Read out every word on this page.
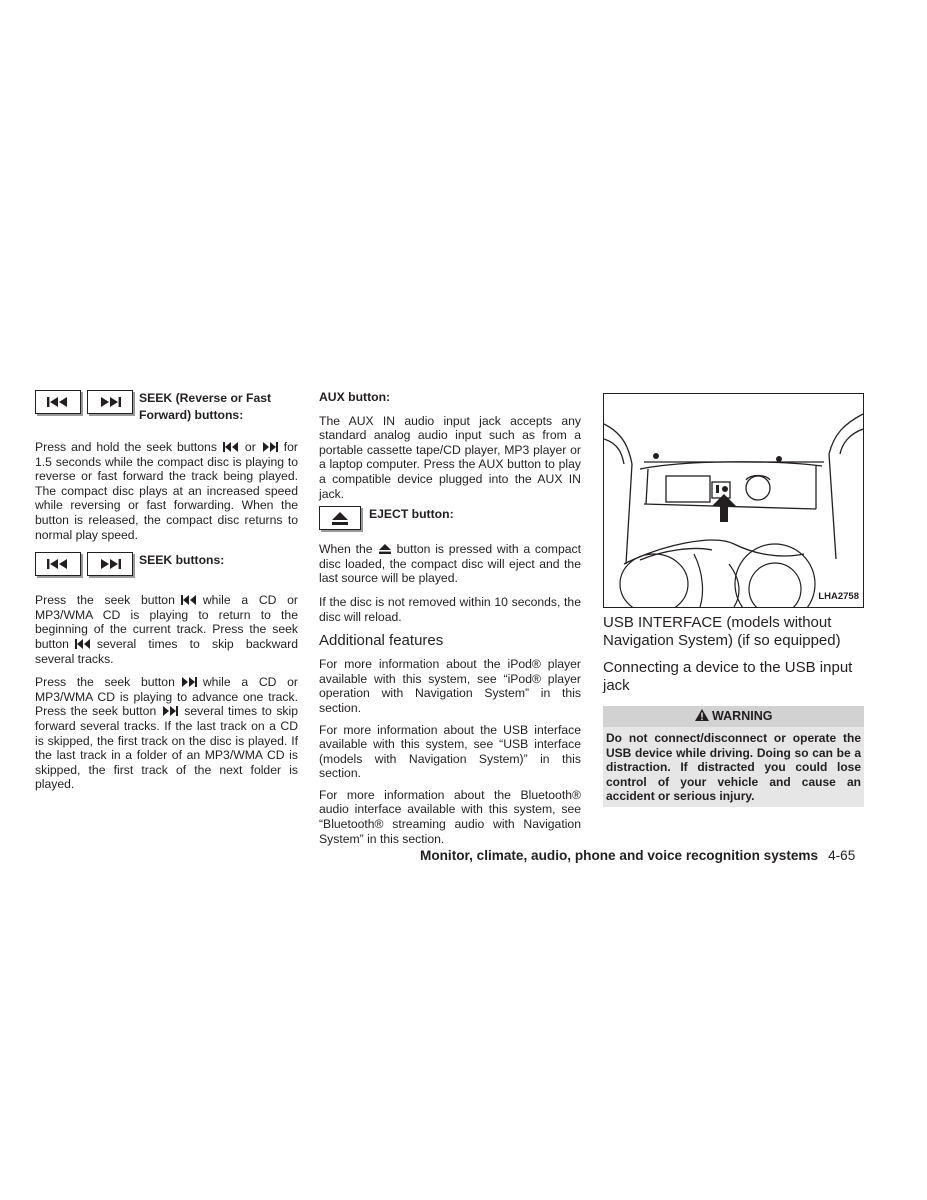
SEEK (Reverse or Fast
Forward) buttons:

Press and hold the seek buttons or for 1.5 seconds while the compact disc is playing to reverse or fast forward the track being played. The compact disc plays at an increased speed while reversing or fast forwarding. When the button is released, the compact disc returns to normal play speed.

SEEK buttons:

Press the seek button while a CD or MP3/WMA CD is playing to return to the beginning of the current track. Press the seek button several times to skip backward several tracks.

Press the seek button while a CD or MP3/WMA CD is playing to advance one track. Press the seek button several times to skip forward several tracks. If the last track on a CD is skipped, the first track on the disc is played. If the last track in a folder of an MP3/WMA CD is skipped, the first track of the next folder is played.

AUX button:

The AUX IN audio input jack accepts any standard analog audio input such as from a portable cassette tape/CD player, MP3 player or a laptop computer. Press the AUX button to play a compatible device plugged into the AUX IN jack.

EJECT button:

When the button is pressed with a compact disc loaded, the compact disc will eject and the last source will be played.

If the disc is not removed within 10 seconds, the disc will reload.

Additional features

For more information about the iPod® player available with this system, see “iPod® player operation with Navigation System” in this section.

For more information about the USB interface available with this system, see “USB interface (models with Navigation System)” in this section.

For more information about the Bluetooth® audio interface available with this system, see “Bluetooth® streaming audio with Navigation System” in this section.

LHA2758
USB INTERFACE (models without Navigation System) (if so equipped)
Connecting a device to the USB input jack
WARNING
Do not connect/disconnect or operate the USB device while driving. Doing so can be a distraction. If distracted you could lose control of your vehicle and cause an accident or serious injury.
Monitor, climate, audio, phone and voice recognition systems 4-65
